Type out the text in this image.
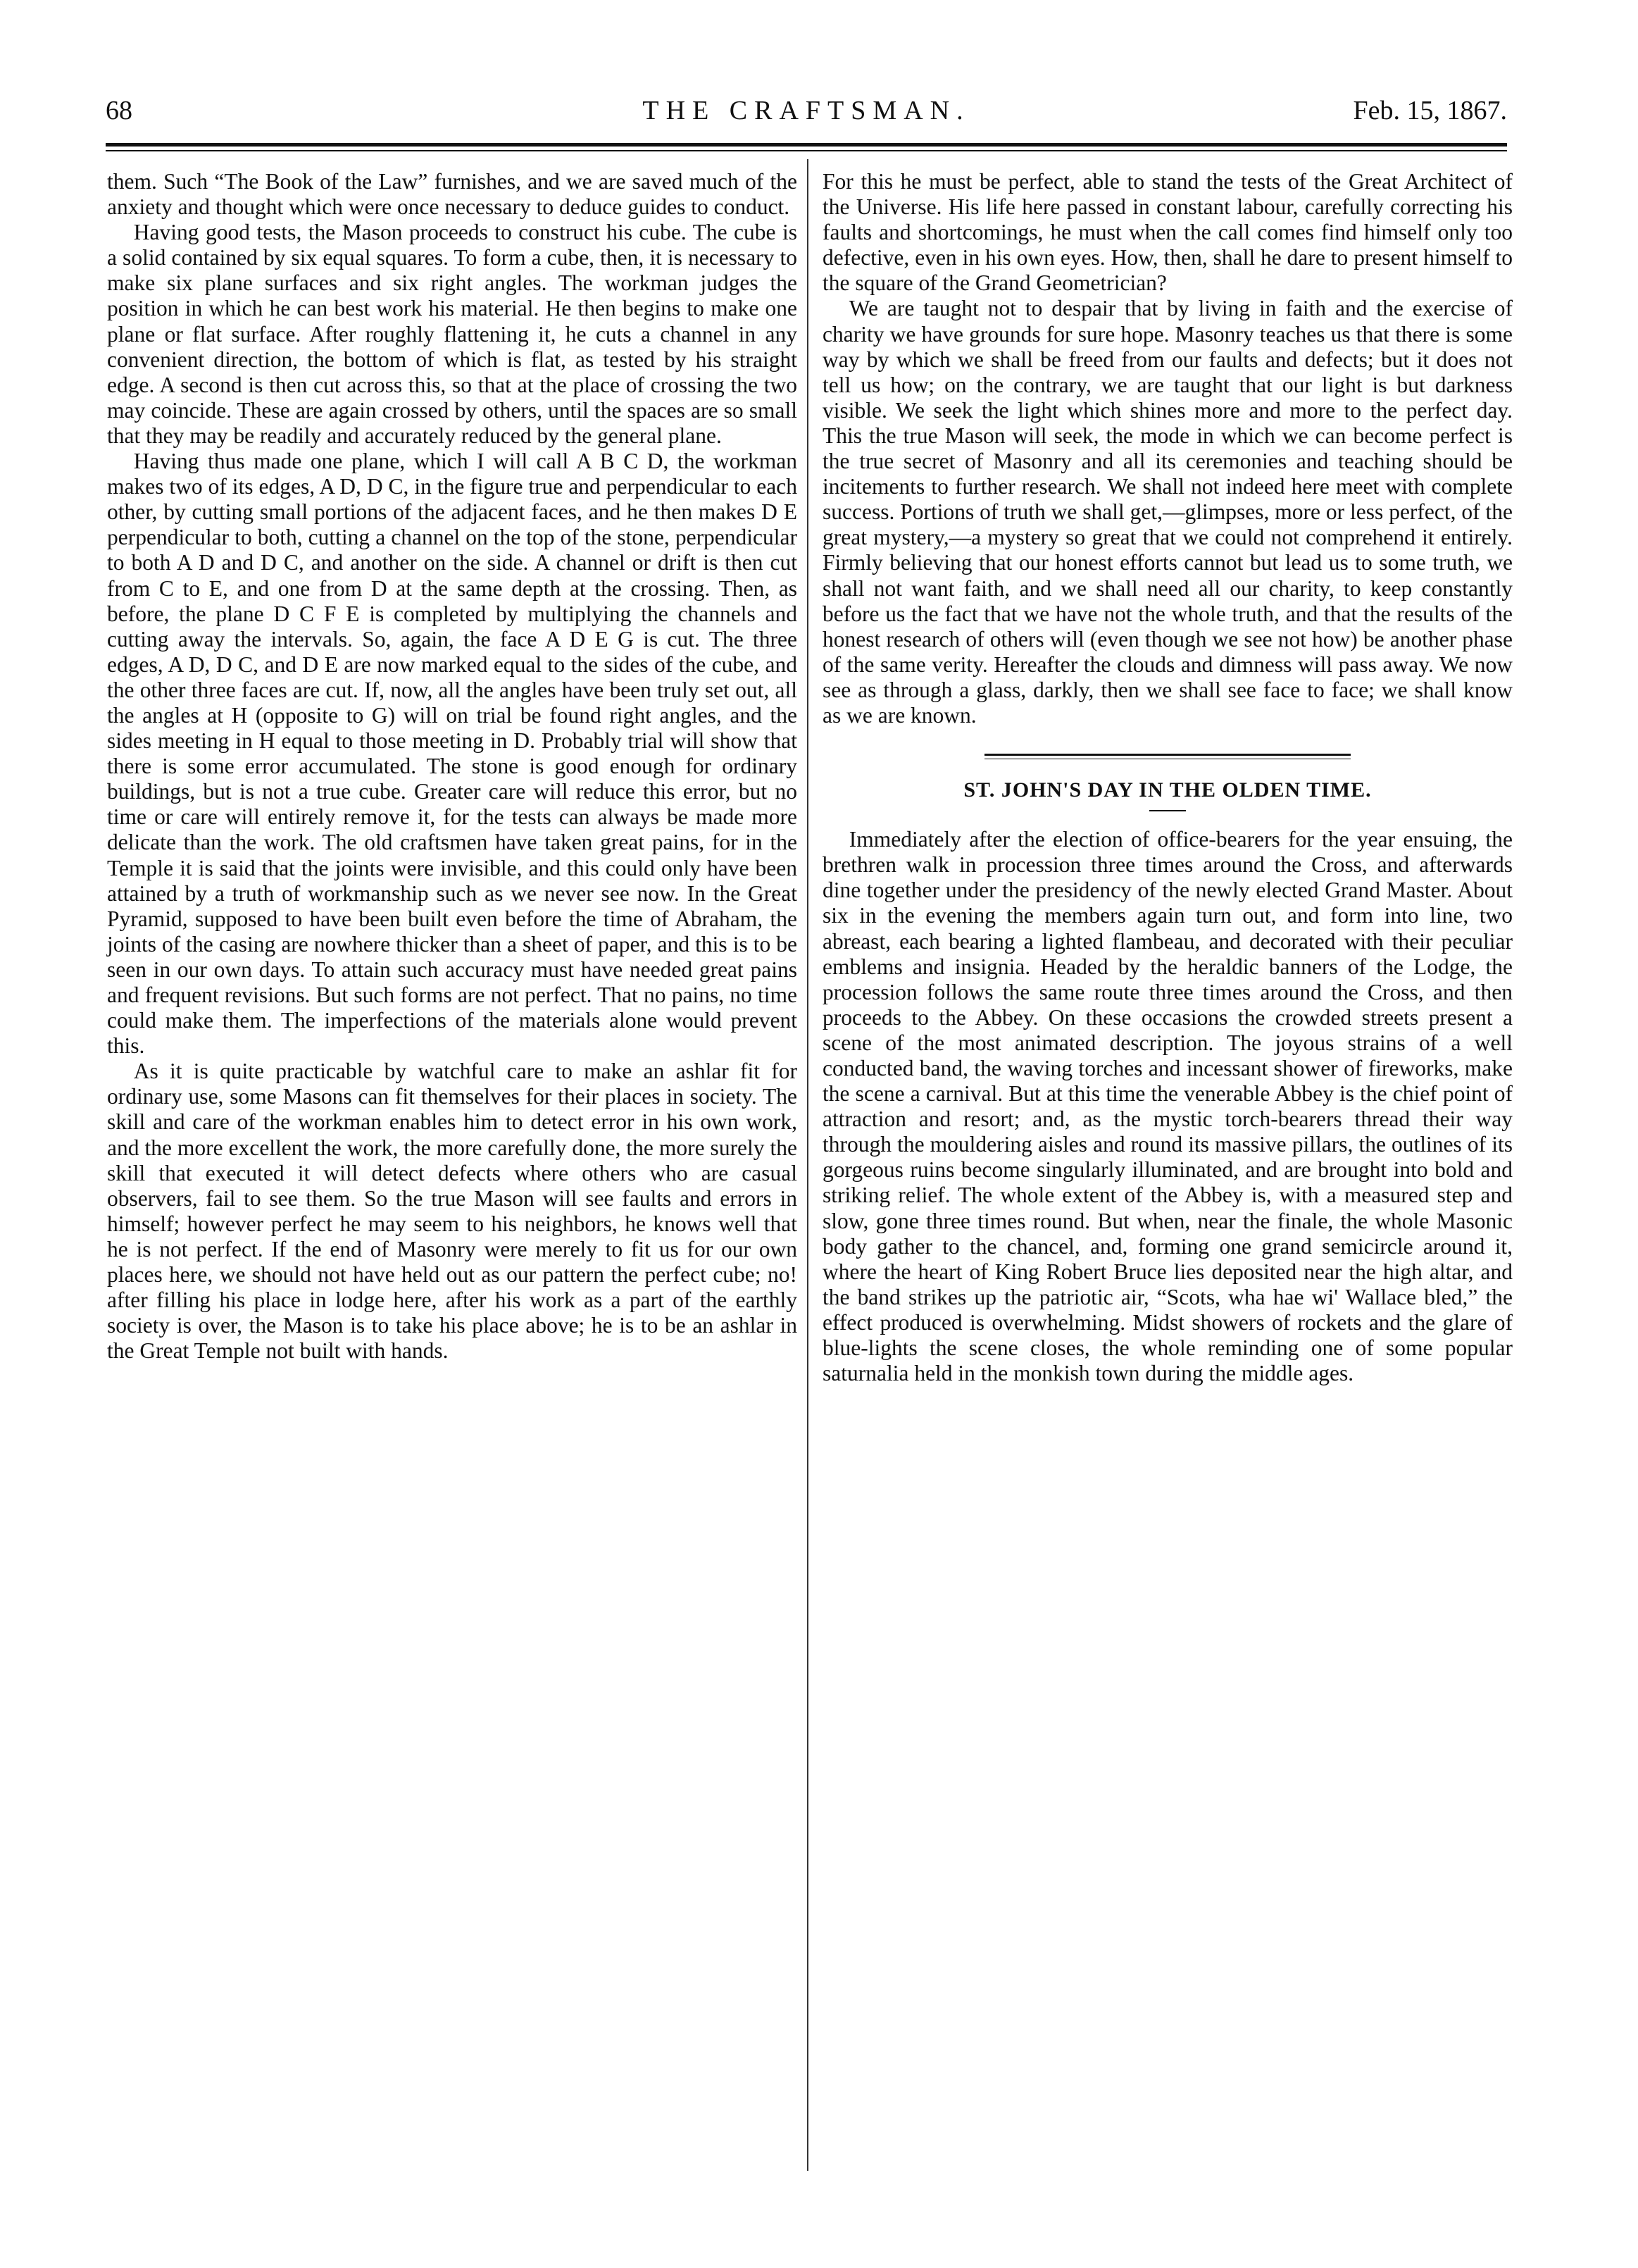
68	THE CRAFTSMAN.	Feb. 15, 1867.

them. Such “The Book of the Law” furnishes, and we are saved much of the anxiety and thought which were once necessary to deduce guides to conduct.

Having good tests, the Mason proceeds to construct his cube. The cube is a solid contained by six equal squares. To form a cube, then, it is necessary to make six plane surfaces and six right angles. The workman judges the position in which he can best work his material. He then begins to make one plane or flat surface. After roughly flattening it, he cuts a channel in any convenient direction, the bottom of which is flat, as tested by his straight edge. A second is then cut across this, so that at the place of crossing the two may coincide. These are again crossed by others, until the spaces are so small that they may be readily and accurately reduced by the general plane.

Having thus made one plane, which I will call A B C D, the workman makes two of its edges, A D, D C, in the figure true and perpendicular to each other, by cutting small portions of the adjacent faces, and he then makes D E perpendicular to both, cutting a channel on the top of the stone, perpendicular to both A D and D C, and another on the side. A channel or drift is then cut from C to E, and one from D at the same depth at the crossing. Then, as before, the plane D C F E is completed by multiplying the channels and cutting away the intervals. So, again, the face A D E G is cut. The three edges, A D, D C, and D E are now marked equal to the sides of the cube, and the other three faces are cut. If, now, all the angles have been truly set out, all the angles at H (opposite to G) will on trial be found right angles, and the sides meeting in H equal to those meeting in D. Probably trial will show that there is some error accumulated. The stone is good enough for ordinary buildings, but is not a true cube. Greater care will reduce this error, but no time or care will entirely remove it, for the tests can always be made more delicate than the work. The old craftsmen have taken great pains, for in the Temple it is said that the joints were invisible, and this could only have been attained by a truth of workmanship such as we never see now. In the Great Pyramid, supposed to have been built even before the time of Abraham, the joints of the casing are nowhere thicker than a sheet of paper, and this is to be seen in our own days. To attain such accuracy must have needed great pains and frequent revisions. But such forms are not perfect. That no pains, no time could make them. The imperfections of the materials alone would prevent this.

As it is quite practicable by watchful care to make an ashlar fit for ordinary use, some Masons can fit themselves for their places in society. The skill and care of the workman enables him to detect error in his own work, and the more excellent the work, the more carefully done, the more surely the skill that executed it will detect defects where others who are casual observers, fail to see them. So the true Mason will see faults and errors in himself; however perfect he may seem to his neighbors, he knows well that he is not perfect. If the end of Masonry were merely to fit us for our own places here, we should not have held out as our pattern the perfect cube; no! after filling his place in lodge here, after his work as a part of the earthly society is over, the Mason is to take his place above; he is to be an ashlar in the Great Temple not built with hands.

For this he must be perfect, able to stand the tests of the Great Architect of the Universe. His life here passed in constant labour, carefully correcting his faults and shortcomings, he must when the call comes find himself only too defective, even in his own eyes. How, then, shall he dare to present himself to the square of the Grand Geometrician?

We are taught not to despair that by living in faith and the exercise of charity we have grounds for sure hope. Masonry teaches us that there is some way by which we shall be freed from our faults and defects; but it does not tell us how; on the contrary, we are taught that our light is but darkness visible. We seek the light which shines more and more to the perfect day. This the true Mason will seek, the mode in which we can become perfect is the true secret of Masonry and all its ceremonies and teaching should be incitements to further research. We shall not indeed here meet with complete success. Portions of truth we shall get,—glimpses, more or less perfect, of the great mystery,—a mystery so great that we could not comprehend it entirely. Firmly believing that our honest efforts cannot but lead us to some truth, we shall not want faith, and we shall need all our charity, to keep constantly before us the fact that we have not the whole truth, and that the results of the honest research of others will (even though we see not how) be another phase of the same verity. Hereafter the clouds and dimness will pass away. We now see as through a glass, darkly, then we shall see face to face; we shall know as we are known.

ST. JOHN'S DAY IN THE OLDEN TIME.

Immediately after the election of office-bearers for the year ensuing, the brethren walk in procession three times around the Cross, and afterwards dine together under the presidency of the newly elected Grand Master. About six in the evening the members again turn out, and form into line, two abreast, each bearing a lighted flambeau, and decorated with their peculiar emblems and insignia. Headed by the heraldic banners of the Lodge, the procession follows the same route three times around the Cross, and then proceeds to the Abbey. On these occasions the crowded streets present a scene of the most animated description. The joyous strains of a well conducted band, the waving torches and incessant shower of fireworks, make the scene a carnival. But at this time the venerable Abbey is the chief point of attraction and resort; and, as the mystic torch-bearers thread their way through the mouldering aisles and round its massive pillars, the outlines of its gorgeous ruins become singularly illuminated, and are brought into bold and striking relief. The whole extent of the Abbey is, with a measured step and slow, gone three times round. But when, near the finale, the whole Masonic body gather to the chancel, and, forming one grand semicircle around it, where the heart of King Robert Bruce lies deposited near the high altar, and the band strikes up the patriotic air, “Scots, wha hae wi' Wallace bled,” the effect produced is overwhelming. Midst showers of rockets and the glare of blue-lights the scene closes, the whole reminding one of some popular saturnalia held in the monkish town during the middle ages.
